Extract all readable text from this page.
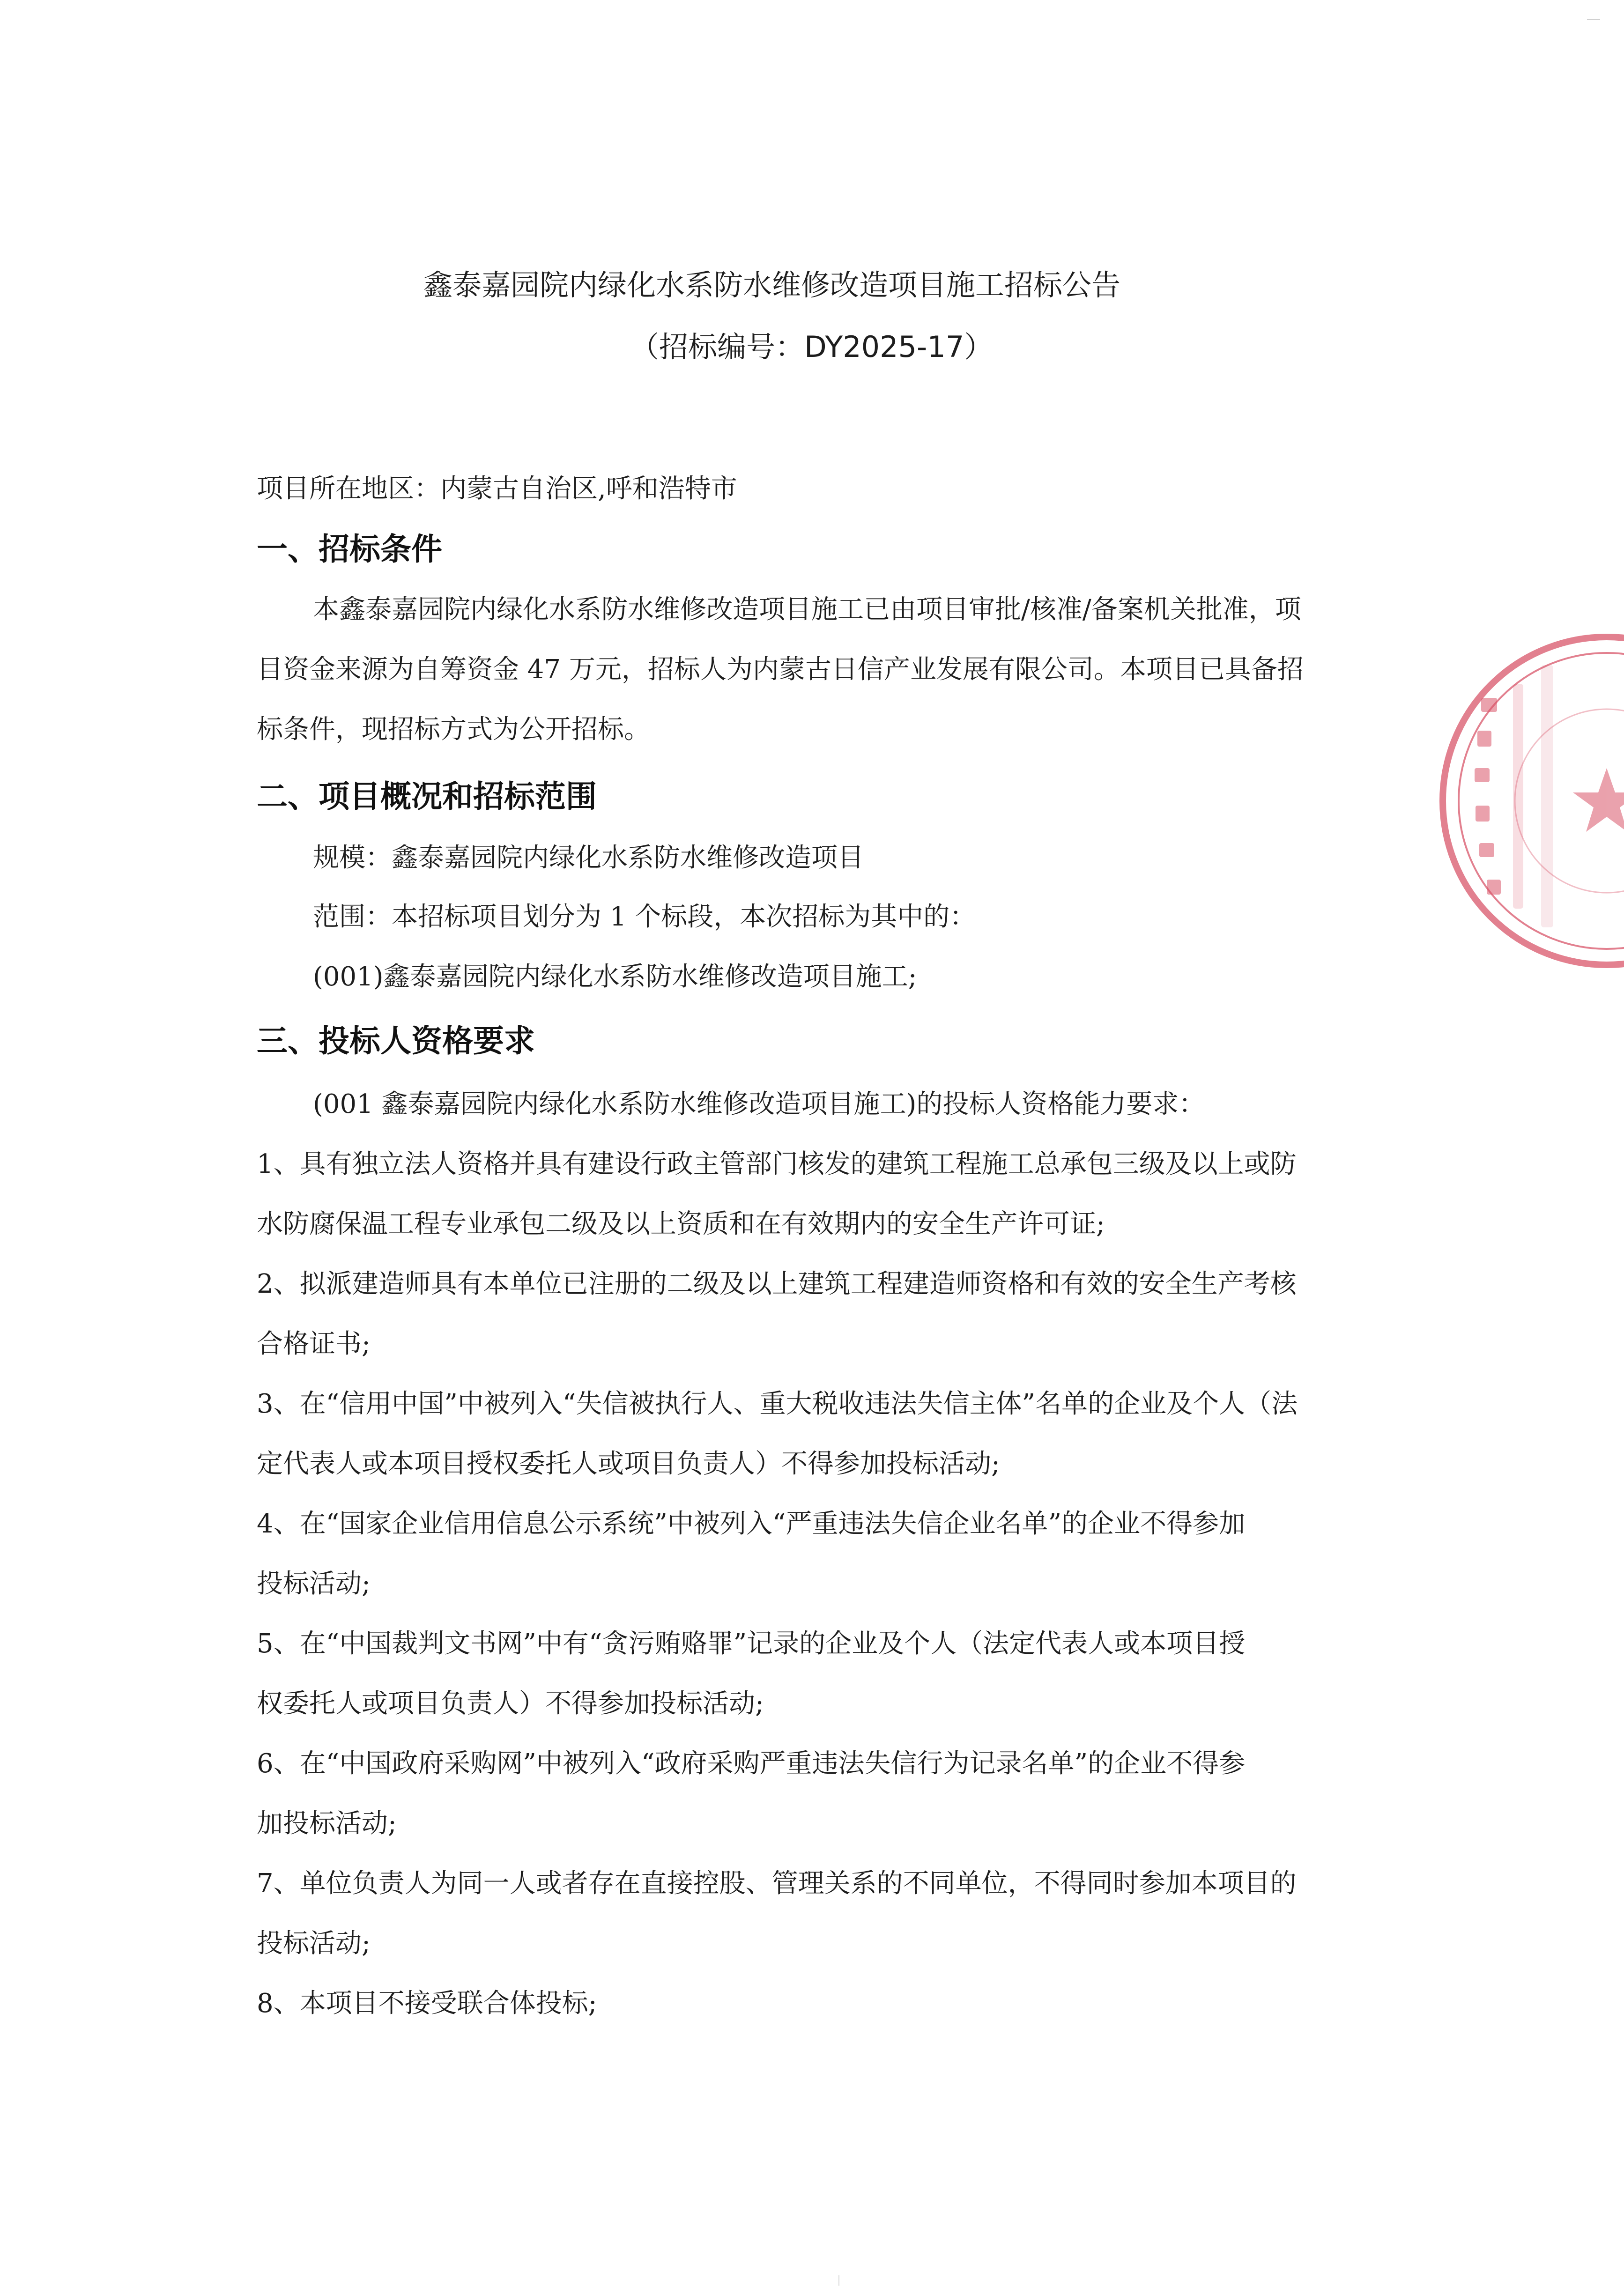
鑫泰嘉园院内绿化水系防水维修改造项目施工招标公告
（招标编号：DY2025-17）
项目所在地区：内蒙古自治区,呼和浩特市
一、招标条件
本鑫泰嘉园院内绿化水系防水维修改造项目施工已由项目审批/核准/备案机关批准，项
目资金来源为自筹资金 47 万元，招标人为内蒙古日信产业发展有限公司。本项目已具备招
标条件，现招标方式为公开招标。
二、项目概况和招标范围
规模：鑫泰嘉园院内绿化水系防水维修改造项目
范围：本招标项目划分为 1 个标段，本次招标为其中的：
(001)鑫泰嘉园院内绿化水系防水维修改造项目施工;
三、投标人资格要求
(001 鑫泰嘉园院内绿化水系防水维修改造项目施工)的投标人资格能力要求：
1、具有独立法人资格并具有建设行政主管部门核发的建筑工程施工总承包三级及以上或防
水防腐保温工程专业承包二级及以上资质和在有效期内的安全生产许可证;
2、拟派建造师具有本单位已注册的二级及以上建筑工程建造师资格和有效的安全生产考核
合格证书;
3、在“信用中国”中被列入“失信被执行人、重大税收违法失信主体”名单的企业及个人（法
定代表人或本项目授权委托人或项目负责人）不得参加投标活动;
4、在“国家企业信用信息公示系统”中被列入“严重违法失信企业名单”的企业不得参加
投标活动;
5、在“中国裁判文书网”中有“贪污贿赂罪”记录的企业及个人（法定代表人或本项目授
权委托人或项目负责人）不得参加投标活动;
6、在“中国政府采购网”中被列入“政府采购严重违法失信行为记录名单”的企业不得参
加投标活动;
7、单位负责人为同一人或者存在直接控股、管理关系的不同单位，不得同时参加本项目的
投标活动;
8、本项目不接受联合体投标;
